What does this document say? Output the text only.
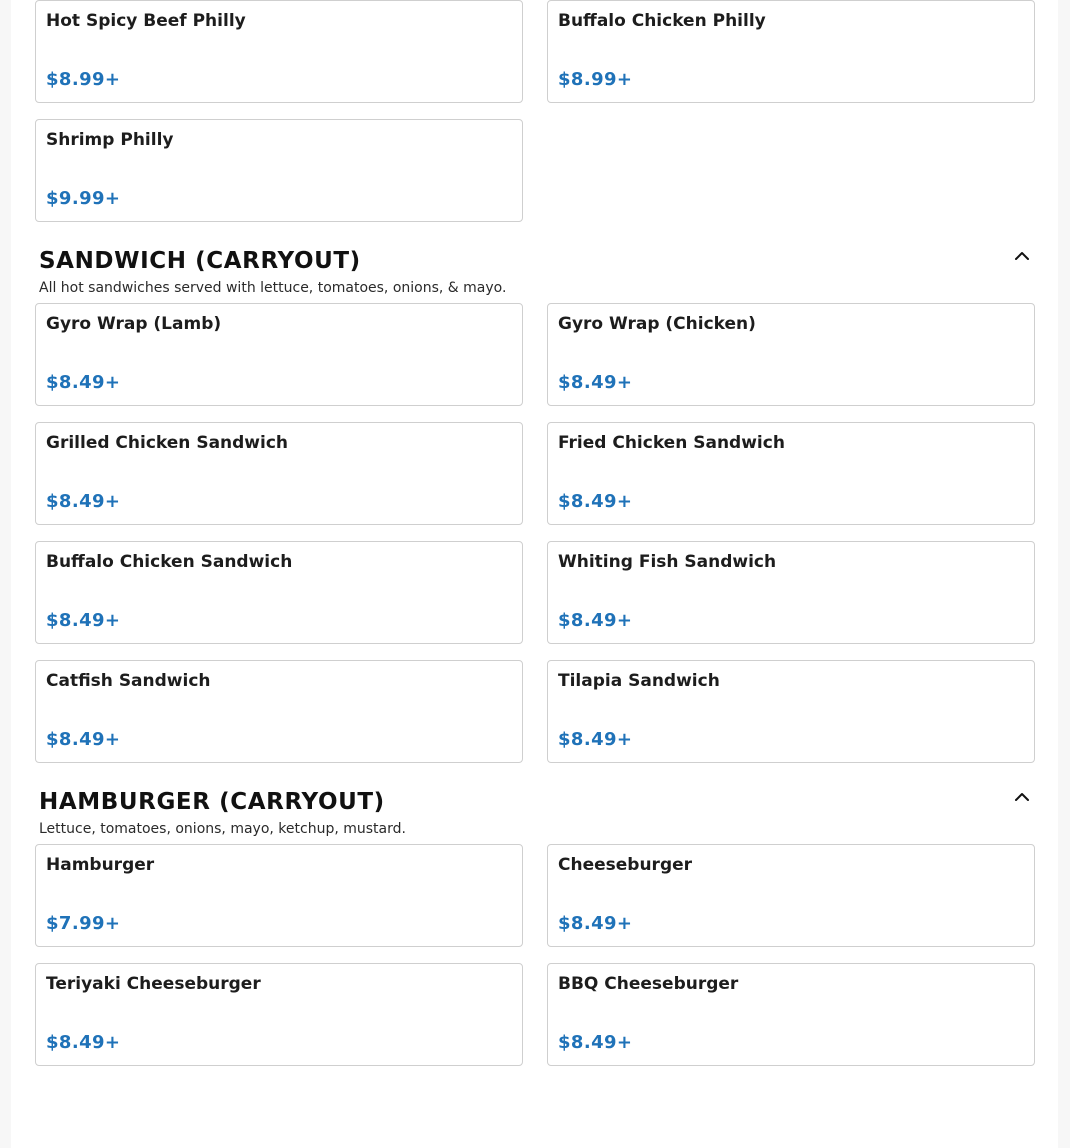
Hot Spicy Beef Philly
$8.99+
Buffalo Chicken Philly
$8.99+
Shrimp Philly
$9.99+
SANDWICH (CARRYOUT)

All hot sandwiches served with lettuce, tomatoes, onions, & mayo.

Gyro Wrap (Lamb)
$8.49+
Gyro Wrap (Chicken)
$8.49+
Grilled Chicken Sandwich
$8.49+
Fried Chicken Sandwich
$8.49+
Buffalo Chicken Sandwich
$8.49+
Whiting Fish Sandwich
$8.49+
Catfish Sandwich
$8.49+
Tilapia Sandwich
$8.49+
HAMBURGER (CARRYOUT)

Lettuce, tomatoes, onions, mayo, ketchup, mustard.

Hamburger
$7.99+
Cheeseburger
$8.49+
Teriyaki Cheeseburger
$8.49+
BBQ Cheeseburger
$8.49+
